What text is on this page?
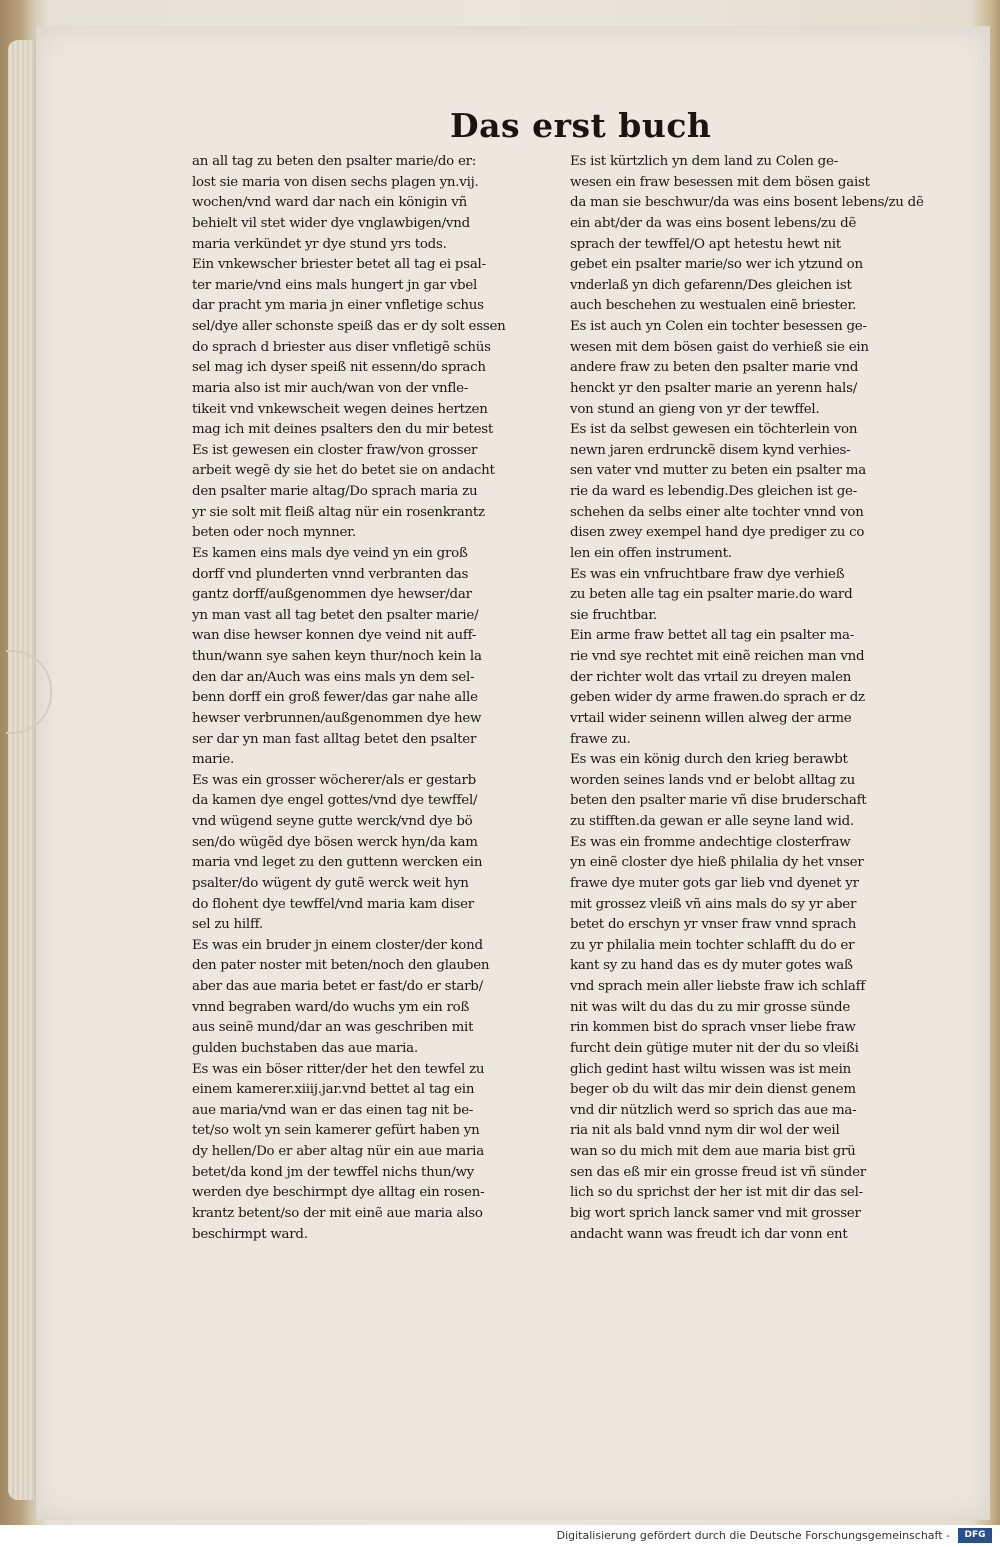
Das erst buch
an all tag zu beten den psalter marie/do er:
lost sie maria von disen sechs plagen yn.vij.
wochen/vnd ward dar nach ein königin vñ
behielt vil stet wider dye vnglawbigen/vnd
maria verkündet yr dye stund yrs tods.
Ein vnkewscher briester betet all tag ei psal-
ter marie/vnd eins mals hungert jn gar vbel
dar pracht ym maria jn einer vnfletige schus
sel/dye aller schonste speiß das er dy solt essen
do sprach d briester aus diser vnfletigẽ schüs
sel mag ich dyser speiß nit essenn/do sprach
maria also ist mir auch/wan von der vnfle-
tikeit vnd vnkewscheit wegen deines hertzen
mag ich mit deines psalters den du mir betest
Es ist gewesen ein closter fraw/von grosser
arbeit wegẽ dy sie het do betet sie on andacht
den psalter marie altag/Do sprach maria zu
yr sie solt mit fleiß altag nür ein rosenkrantz
beten oder noch mynner.
Es kamen eins mals dye veind yn ein groß
dorff vnd plunderten vnnd verbranten das
gantz dorff/außgenommen dye hewser/dar
yn man vast all tag betet den psalter marie/
wan dise hewser konnen dye veind nit auff-
thun/wann sye sahen keyn thur/noch kein la
den dar an/Auch was eins mals yn dem sel-
benn dorff ein groß fewer/das gar nahe alle
hewser verbrunnen/außgenommen dye hew
ser dar yn man fast alltag betet den psalter
marie.
Es was ein grosser wöcherer/als er gestarb
da kamen dye engel gottes/vnd dye tewffel/
vnd wügend seyne gutte werck/vnd dye bö
sen/do wügẽd dye bösen werck hyn/da kam
maria vnd leget zu den guttenn wercken ein
psalter/do wügent dy gutẽ werck weit hyn
do flohent dye tewffel/vnd maria kam diser
sel zu hilff.
Es was ein bruder jn einem closter/der kond
den pater noster mit beten/noch den glauben
aber das aue maria betet er fast/do er starb/
vnnd begraben ward/do wuchs ym ein roß
aus seinẽ mund/dar an was geschriben mit
gulden buchstaben das aue maria.
Es was ein böser ritter/der het den tewfel zu
einem kamerer.xiiij.jar.vnd bettet al tag ein
aue maria/vnd wan er das einen tag nit be-
tet/so wolt yn sein kamerer gefürt haben yn
dy hellen/Do er aber altag nür ein aue maria
betet/da kond jm der tewffel nichs thun/wy
werden dye beschirmpt dye alltag ein rosen-
krantz betent/so der mit einẽ aue maria also
beschirmpt ward.
Es ist kürtzlich yn dem land zu Colen ge-
wesen ein fraw besessen mit dem bösen gaist
da man sie beschwur/da was eins bosent lebens/zu dẽ
ein abt/der da was eins bosent lebens/zu dẽ
sprach der tewffel/O apt hetestu hewt nit
gebet ein psalter marie/so wer ich ytzund on
vnderlaß yn dich gefarenn/Des gleichen ist
auch beschehen zu westualen einẽ briester.
Es ist auch yn Colen ein tochter besessen ge-
wesen mit dem bösen gaist do verhieß sie ein
andere fraw zu beten den psalter marie vnd
henckt yr den psalter marie an yerenn hals/
von stund an gieng von yr der tewffel.
Es ist da selbst gewesen ein töchterlein von
newn jaren erdrunckẽ disem kynd verhies-
sen vater vnd mutter zu beten ein psalter ma
rie da ward es lebendig.Des gleichen ist ge-
schehen da selbs einer alte tochter vnnd von
disen zwey exempel hand dye prediger zu co
len ein offen instrument.
Es was ein vnfruchtbare fraw dye verhieß
zu beten alle tag ein psalter marie.do ward
sie fruchtbar.
Ein arme fraw bettet all tag ein psalter ma-
rie vnd sye rechtet mit einẽ reichen man vnd
der richter wolt das vrtail zu dreyen malen
geben wider dy arme frawen.do sprach er dz
vrtail wider seinenn willen alweg der arme
frawe zu.
Es was ein könig durch den krieg berawbt
worden seines lands vnd er belobt alltag zu
beten den psalter marie vñ dise bruderschaft
zu stifften.da gewan er alle seyne land wid.
Es was ein fromme andechtige closterfraw
yn einẽ closter dye hieß philalia dy het vnser
frawe dye muter gots gar lieb vnd dyenet yr
mit grossez vleiß vñ ains mals do sy yr aber
betet do erschyn yr vnser fraw vnnd sprach
zu yr philalia mein tochter schlafft du do er
kant sy zu hand das es dy muter gotes waß
vnd sprach mein aller liebste fraw ich schlaff
nit was wilt du das du zu mir grosse sünde
rin kommen bist do sprach vnser liebe fraw
furcht dein gütige muter nit der du so vleißi
glich gedint hast wiltu wissen was ist mein
beger ob du wilt das mir dein dienst genem
vnd dir nützlich werd so sprich das aue ma-
ria nit als bald vnnd nym dir wol der weil
wan so du mich mit dem aue maria bist grü
sen das eß mir ein grosse freud ist vñ sünder
lich so du sprichst der her ist mit dir das sel-
big wort sprich lanck samer vnd mit grosser
andacht wann was freudt ich dar vonn ent
Digitalisierung gefördert durch die Deutsche Forschungsgemeinschaft -	DFG
